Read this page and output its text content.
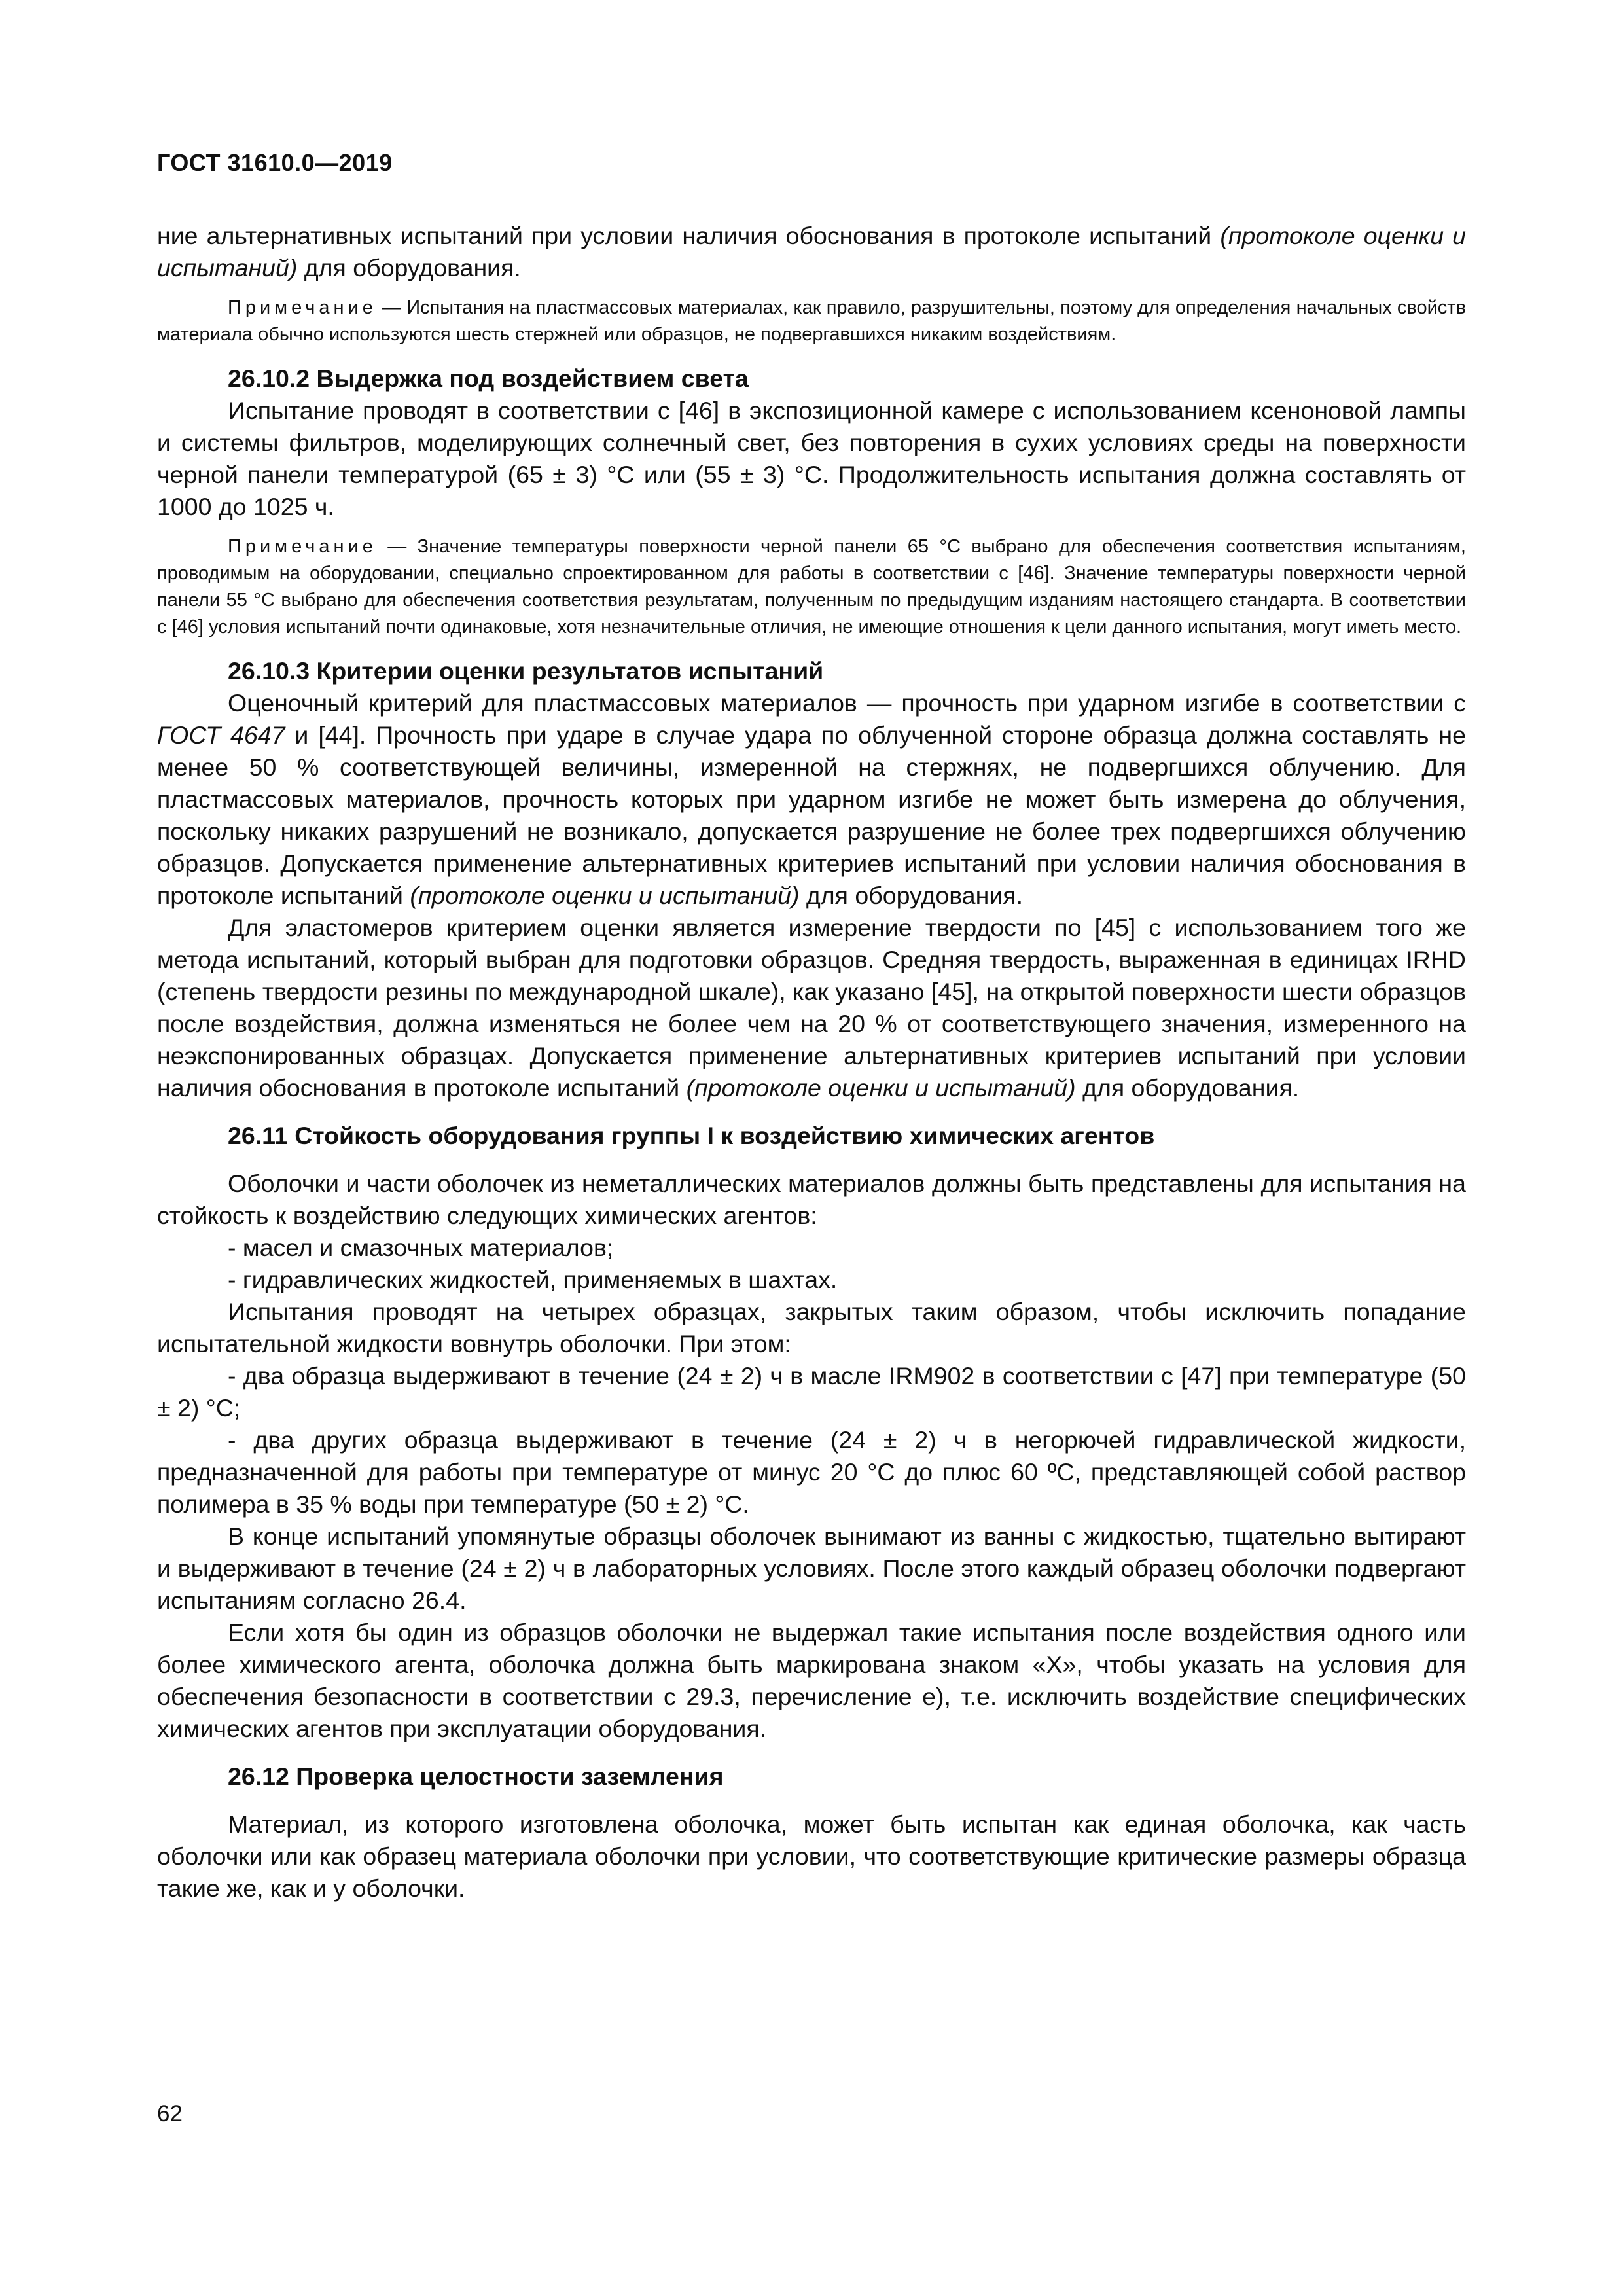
ГОСТ 31610.0—2019

ние альтернативных испытаний при условии наличия обоснования в протоколе испытаний (протоколе оценки и испытаний) для оборудования.

Примечание — Испытания на пластмассовых материалах, как правило, разрушительны, поэтому для определения начальных свойств материала обычно используются шесть стержней или образцов, не подвергавшихся никаким воздействиям.

26.10.2 Выдержка под воздействием света

Испытание проводят в соответствии с [46] в экспозиционной камере с использованием ксеноновой лампы и системы фильтров, моделирующих солнечный свет, без повторения в сухих условиях среды на поверхности черной панели температурой (65 ± 3) °С или (55 ± 3) °С. Продолжительность испытания должна составлять от 1000 до 1025 ч.

Примечание — Значение температуры поверхности черной панели 65 °С выбрано для обеспечения соответствия испытаниям, проводимым на оборудовании, специально спроектированном для работы в соответствии с [46]. Значение температуры поверхности черной панели 55 °С выбрано для обеспечения соответствия результатам, полученным по предыдущим изданиям настоящего стандарта. В соответствии с [46] условия испытаний почти одинаковые, хотя незначительные отличия, не имеющие отношения к цели данного испытания, могут иметь место.

26.10.3 Критерии оценки результатов испытаний

Оценочный критерий для пластмассовых материалов — прочность при ударном изгибе в соответствии с ГОСТ 4647 и [44]. Прочность при ударе в случае удара по облученной стороне образца должна составлять не менее 50 % соответствующей величины, измеренной на стержнях, не подвергшихся облучению. Для пластмассовых материалов, прочность которых при ударном изгибе не может быть измерена до облучения, поскольку никаких разрушений не возникало, допускается разрушение не более трех подвергшихся облучению образцов. Допускается применение альтернативных критериев испытаний при условии наличия обоснования в протоколе испытаний (протоколе оценки и испытаний) для оборудования.

Для эластомеров критерием оценки является измерение твердости по [45] с использованием того же метода испытаний, который выбран для подготовки образцов. Средняя твердость, выраженная в единицах IRHD (степень твердости резины по международной шкале), как указано [45], на открытой поверхности шести образцов после воздействия, должна изменяться не более чем на 20 % от соответствующего значения, измеренного на неэкспонированных образцах. Допускается применение альтернативных критериев испытаний при условии наличия обоснования в протоколе испытаний (протоколе оценки и испытаний) для оборудования.

26.11 Стойкость оборудования группы I к воздействию химических агентов

Оболочки и части оболочек из неметаллических материалов должны быть представлены для испытания на стойкость к воздействию следующих химических агентов:

- масел и смазочных материалов;

- гидравлических жидкостей, применяемых в шахтах.

Испытания проводят на четырех образцах, закрытых таким образом, чтобы исключить попадание испытательной жидкости вовнутрь оболочки. При этом:

- два образца выдерживают в течение (24 ± 2) ч в масле IRM902 в соответствии с [47] при температуре (50 ± 2) °С;

- два других образца выдерживают в течение (24 ± 2) ч в негорючей гидравлической жидкости, предназначенной для работы при температуре от минус 20 °С до плюс 60 ºС, представляющей собой раствор полимера в 35 % воды при температуре (50 ± 2) °С.

В конце испытаний упомянутые образцы оболочек вынимают из ванны с жидкостью, тщательно вытирают и выдерживают в течение (24 ± 2) ч в лабораторных условиях. После этого каждый образец оболочки подвергают испытаниям согласно 26.4.

Если хотя бы один из образцов оболочки не выдержал такие испытания после воздействия одного или более химического агента, оболочка должна быть маркирована знаком «Х», чтобы указать на условия для обеспечения безопасности в соответствии с 29.3, перечисление е), т.е. исключить воздействие специфических химических агентов при эксплуатации оборудования.

26.12 Проверка целостности заземления

Материал, из которого изготовлена оболочка, может быть испытан как единая оболочка, как часть оболочки или как образец материала оболочки при условии, что соответствующие критические размеры образца такие же, как и у оболочки.

62
